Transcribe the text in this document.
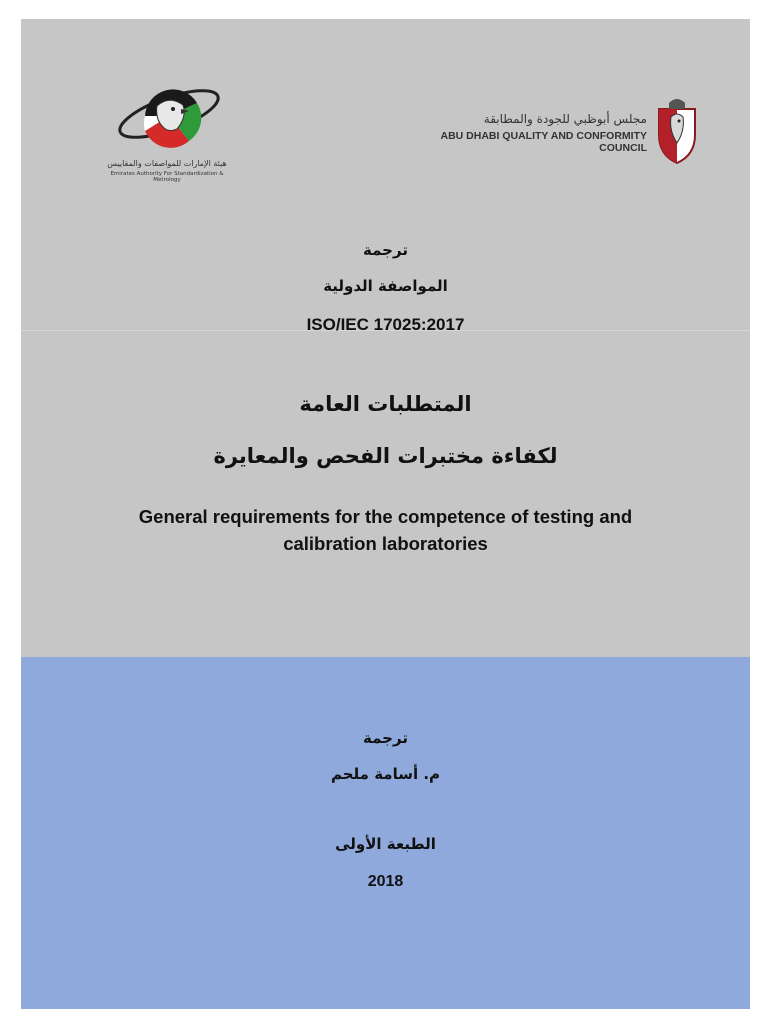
هيئة الإمارات للمواصفات والمقاييس
Emirates Authority For Standardization & Metrology
مجلس أبوظبي للجودة والمطابقة
ABU DHABI QUALITY AND CONFORMITY COUNCIL
ترجمة
المواصفة الدولية
ISO/IEC 17025:2017
المتطلبات العامة
لكفاءة مختبرات الفحص والمعايرة
General requirements for the competence of testing and calibration laboratories
ترجمة
م. أسامة ملحم
الطبعة الأولى
2018
